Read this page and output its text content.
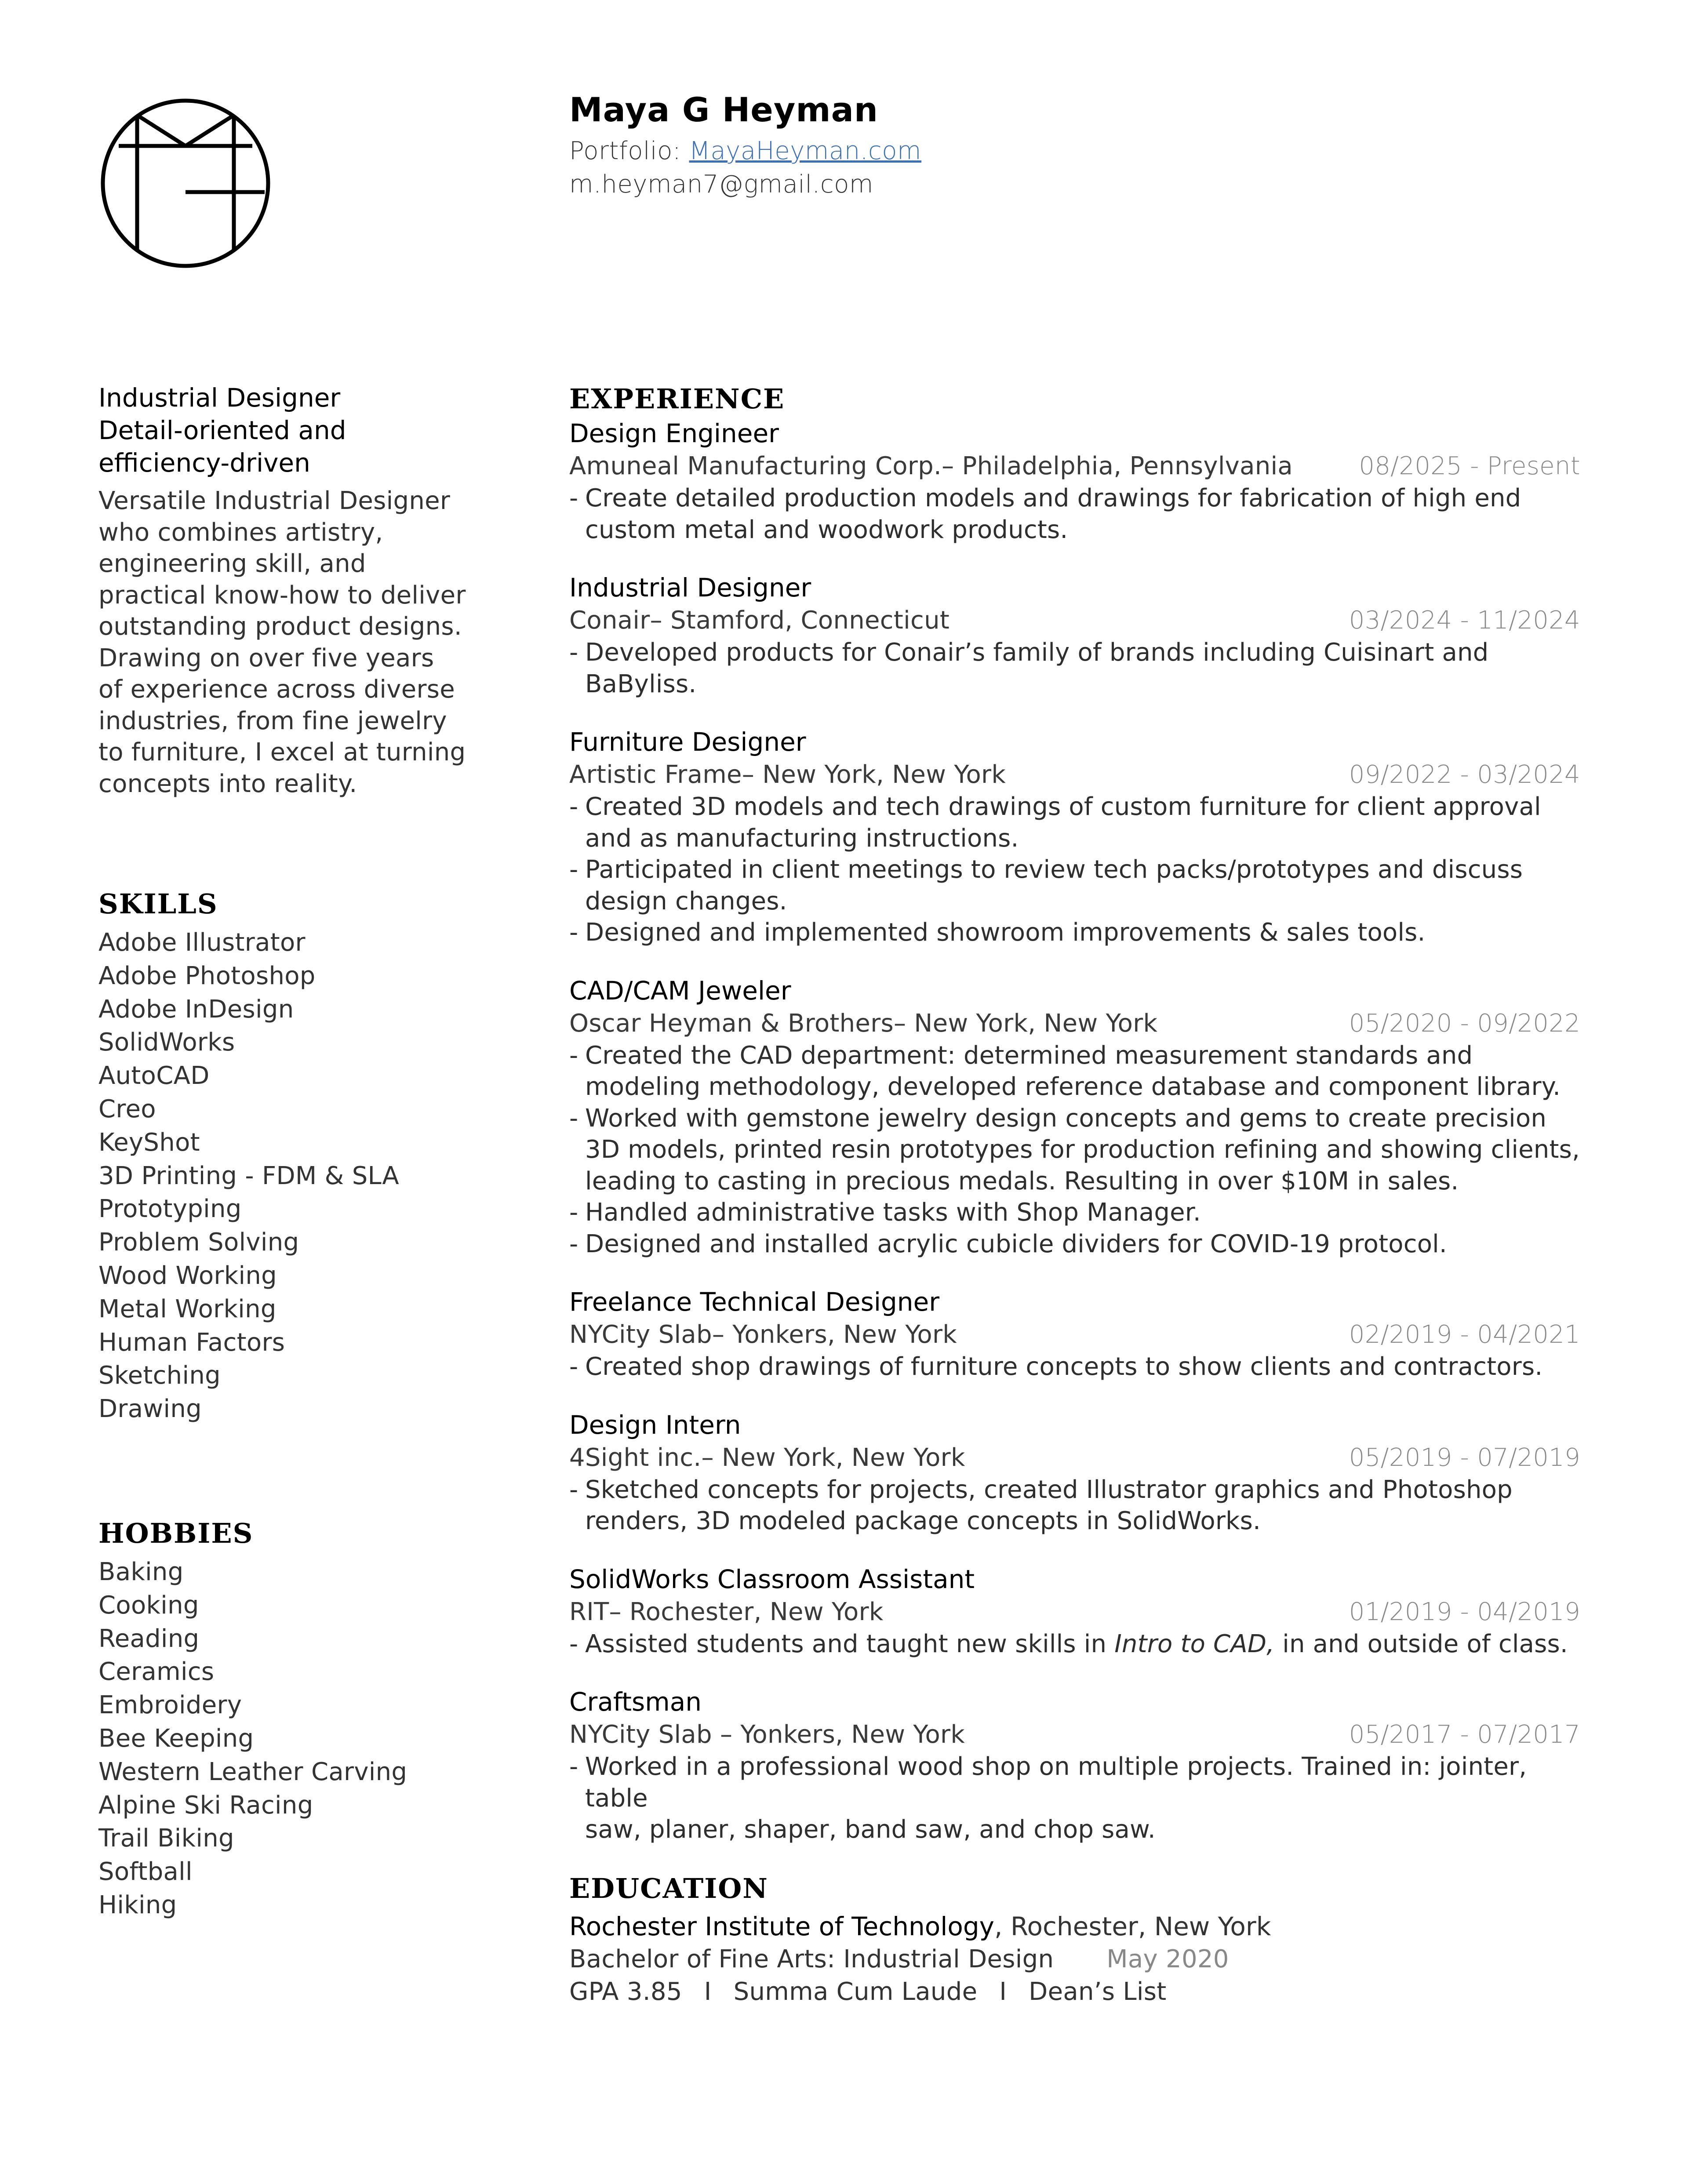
Maya G Heyman
Portfolio: MayaHeyman.com
m.heyman7@gmail.com
Industrial Designer
Detail-oriented and
efficiency-driven
Versatile Industrial Designer
who combines artistry,
engineering skill, and
practical know-how to deliver
outstanding product designs.
Drawing on over five years
of experience across diverse
industries, from fine jewelry
to furniture, I excel at turning
concepts into reality.
SKILLS
Adobe Illustrator
Adobe Photoshop
Adobe InDesign
SolidWorks
AutoCAD
Creo
KeyShot
3D Printing - FDM & SLA
Prototyping
Problem Solving
Wood Working
Metal Working
Human Factors
Sketching
Drawing
HOBBIES
Baking
Cooking
Reading
Ceramics
Embroidery
Bee Keeping
Western Leather Carving
Alpine Ski Racing
Trail Biking
Softball
Hiking
EXPERIENCE
Design Engineer
Amuneal Manufacturing Corp.– Philadelphia, Pennsylvania	08/2025 - Present
- Create detailed production models and drawings for fabrication of high end
custom metal and woodwork products.
Industrial Designer
Conair– Stamford, Connecticut	03/2024 - 11/2024
- Developed products for Conair’s family of brands including Cuisinart and BaByliss.
Furniture Designer
Artistic Frame– New York, New York	09/2022 - 03/2024
- Created 3D models and tech drawings of custom furniture for client approval
and as manufacturing instructions.
- Participated in client meetings to review tech packs/prototypes and discuss
design changes.
- Designed and implemented showroom improvements & sales tools.
CAD/CAM Jeweler
Oscar Heyman & Brothers– New York, New York	05/2020 - 09/2022
- Created the CAD department: determined measurement standards and
modeling methodology, developed reference database and component library.
- Worked with gemstone jewelry design concepts and gems to create precision
3D models, printed resin prototypes for production refining and showing clients,
leading to casting in precious medals. Resulting in over $10M in sales.
- Handled administrative tasks with Shop Manager.
- Designed and installed acrylic cubicle dividers for COVID-19 protocol.
Freelance Technical Designer
NYCity Slab– Yonkers, New York	02/2019 - 04/2021
- Created shop drawings of furniture concepts to show clients and contractors.
Design Intern
4Sight inc.– New York, New York	05/2019 - 07/2019
- Sketched concepts for projects, created Illustrator graphics and Photoshop
renders, 3D modeled package concepts in SolidWorks.
SolidWorks Classroom Assistant
RIT– Rochester, New York	01/2019 - 04/2019
- Assisted students and taught new skills in Intro to CAD, in and outside of class.
Craftsman
NYCity Slab – Yonkers, New York	05/2017 - 07/2017
- Worked in a professional wood shop on multiple projects. Trained in: jointer, table
saw, planer, shaper, band saw, and chop saw.
EDUCATION
Rochester Institute of Technology, Rochester, New York
Bachelor of Fine Arts: Industrial Design May 2020
GPA 3.85 I Summa Cum Laude I Dean’s List
